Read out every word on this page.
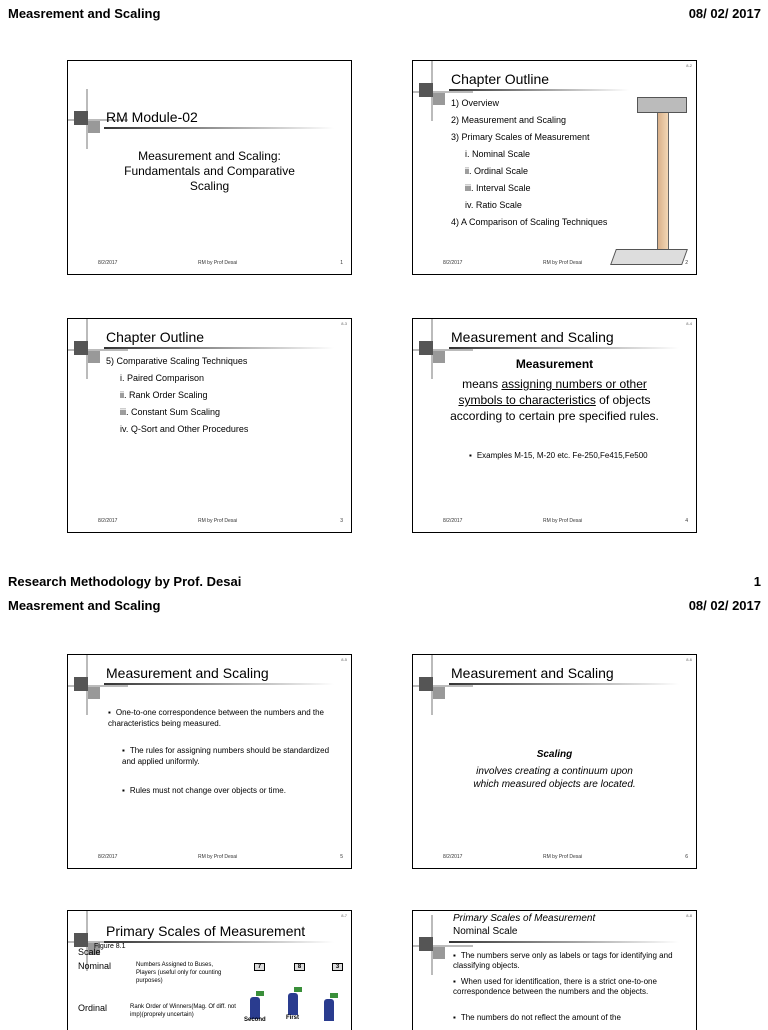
Measrement and Scaling	08/ 02/ 2017
RM Module-02
Measurement and Scaling: Fundamentals and Comparative Scaling
8/2/2017	RM by Prof Desai	1
8-2
Chapter Outline
1) Overview
2) Measurement and Scaling
3) Primary Scales of Measurement
i. Nominal Scale
ii. Ordinal Scale
iii. Interval Scale
iv. Ratio Scale
4) A Comparison of Scaling Techniques
8/2/2017	RM by Prof Desai	2
8-3
Chapter Outline
5) Comparative Scaling Techniques
i. Paired Comparison
ii. Rank Order Scaling
iii. Constant Sum Scaling
iv. Q-Sort and Other Procedures
8/2/2017	RM by Prof Desai	3
8-4
Measurement and Scaling
Measurement
means assigning numbers or other
symbols to characteristics of objects
according to certain pre specified rules.
▪ Examples M-15, M-20 etc. Fe-250,Fe415,Fe500
8/2/2017	RM by Prof Desai	4
Research Methodology by Prof. Desai	1
Measrement and Scaling	08/ 02/ 2017
8-5
Measurement and Scaling
▪ One-to-one correspondence between the numbers and the characteristics being measured.
▪ The rules for assigning numbers should be standardized and applied uniformly.
▪ Rules must not change over objects or time.
8/2/2017	RM by Prof Desai	5
8-6
Measurement and Scaling
Scaling
involves creating a continuum upon which measured objects are located.
8/2/2017	RM by Prof Desai	6
8-7
Primary Scales of Measurement
Scale
Figure 8.1
Nominal	Numbers Assigned to Buses, Players (useful only for counting purposes)
7	8	3
Ordinal	Rank Order of Winners(Mag. Of diff. not imp)(proprely uncertain)
Second	First
8-8
Primary Scales of Measurement
Nominal Scale
▪ The numbers serve only as labels or tags for identifying and classifying objects.
▪ When used for identification, there is a strict one-to-one correspondence between the numbers and the objects.
▪ The numbers do not reflect the amount of the
